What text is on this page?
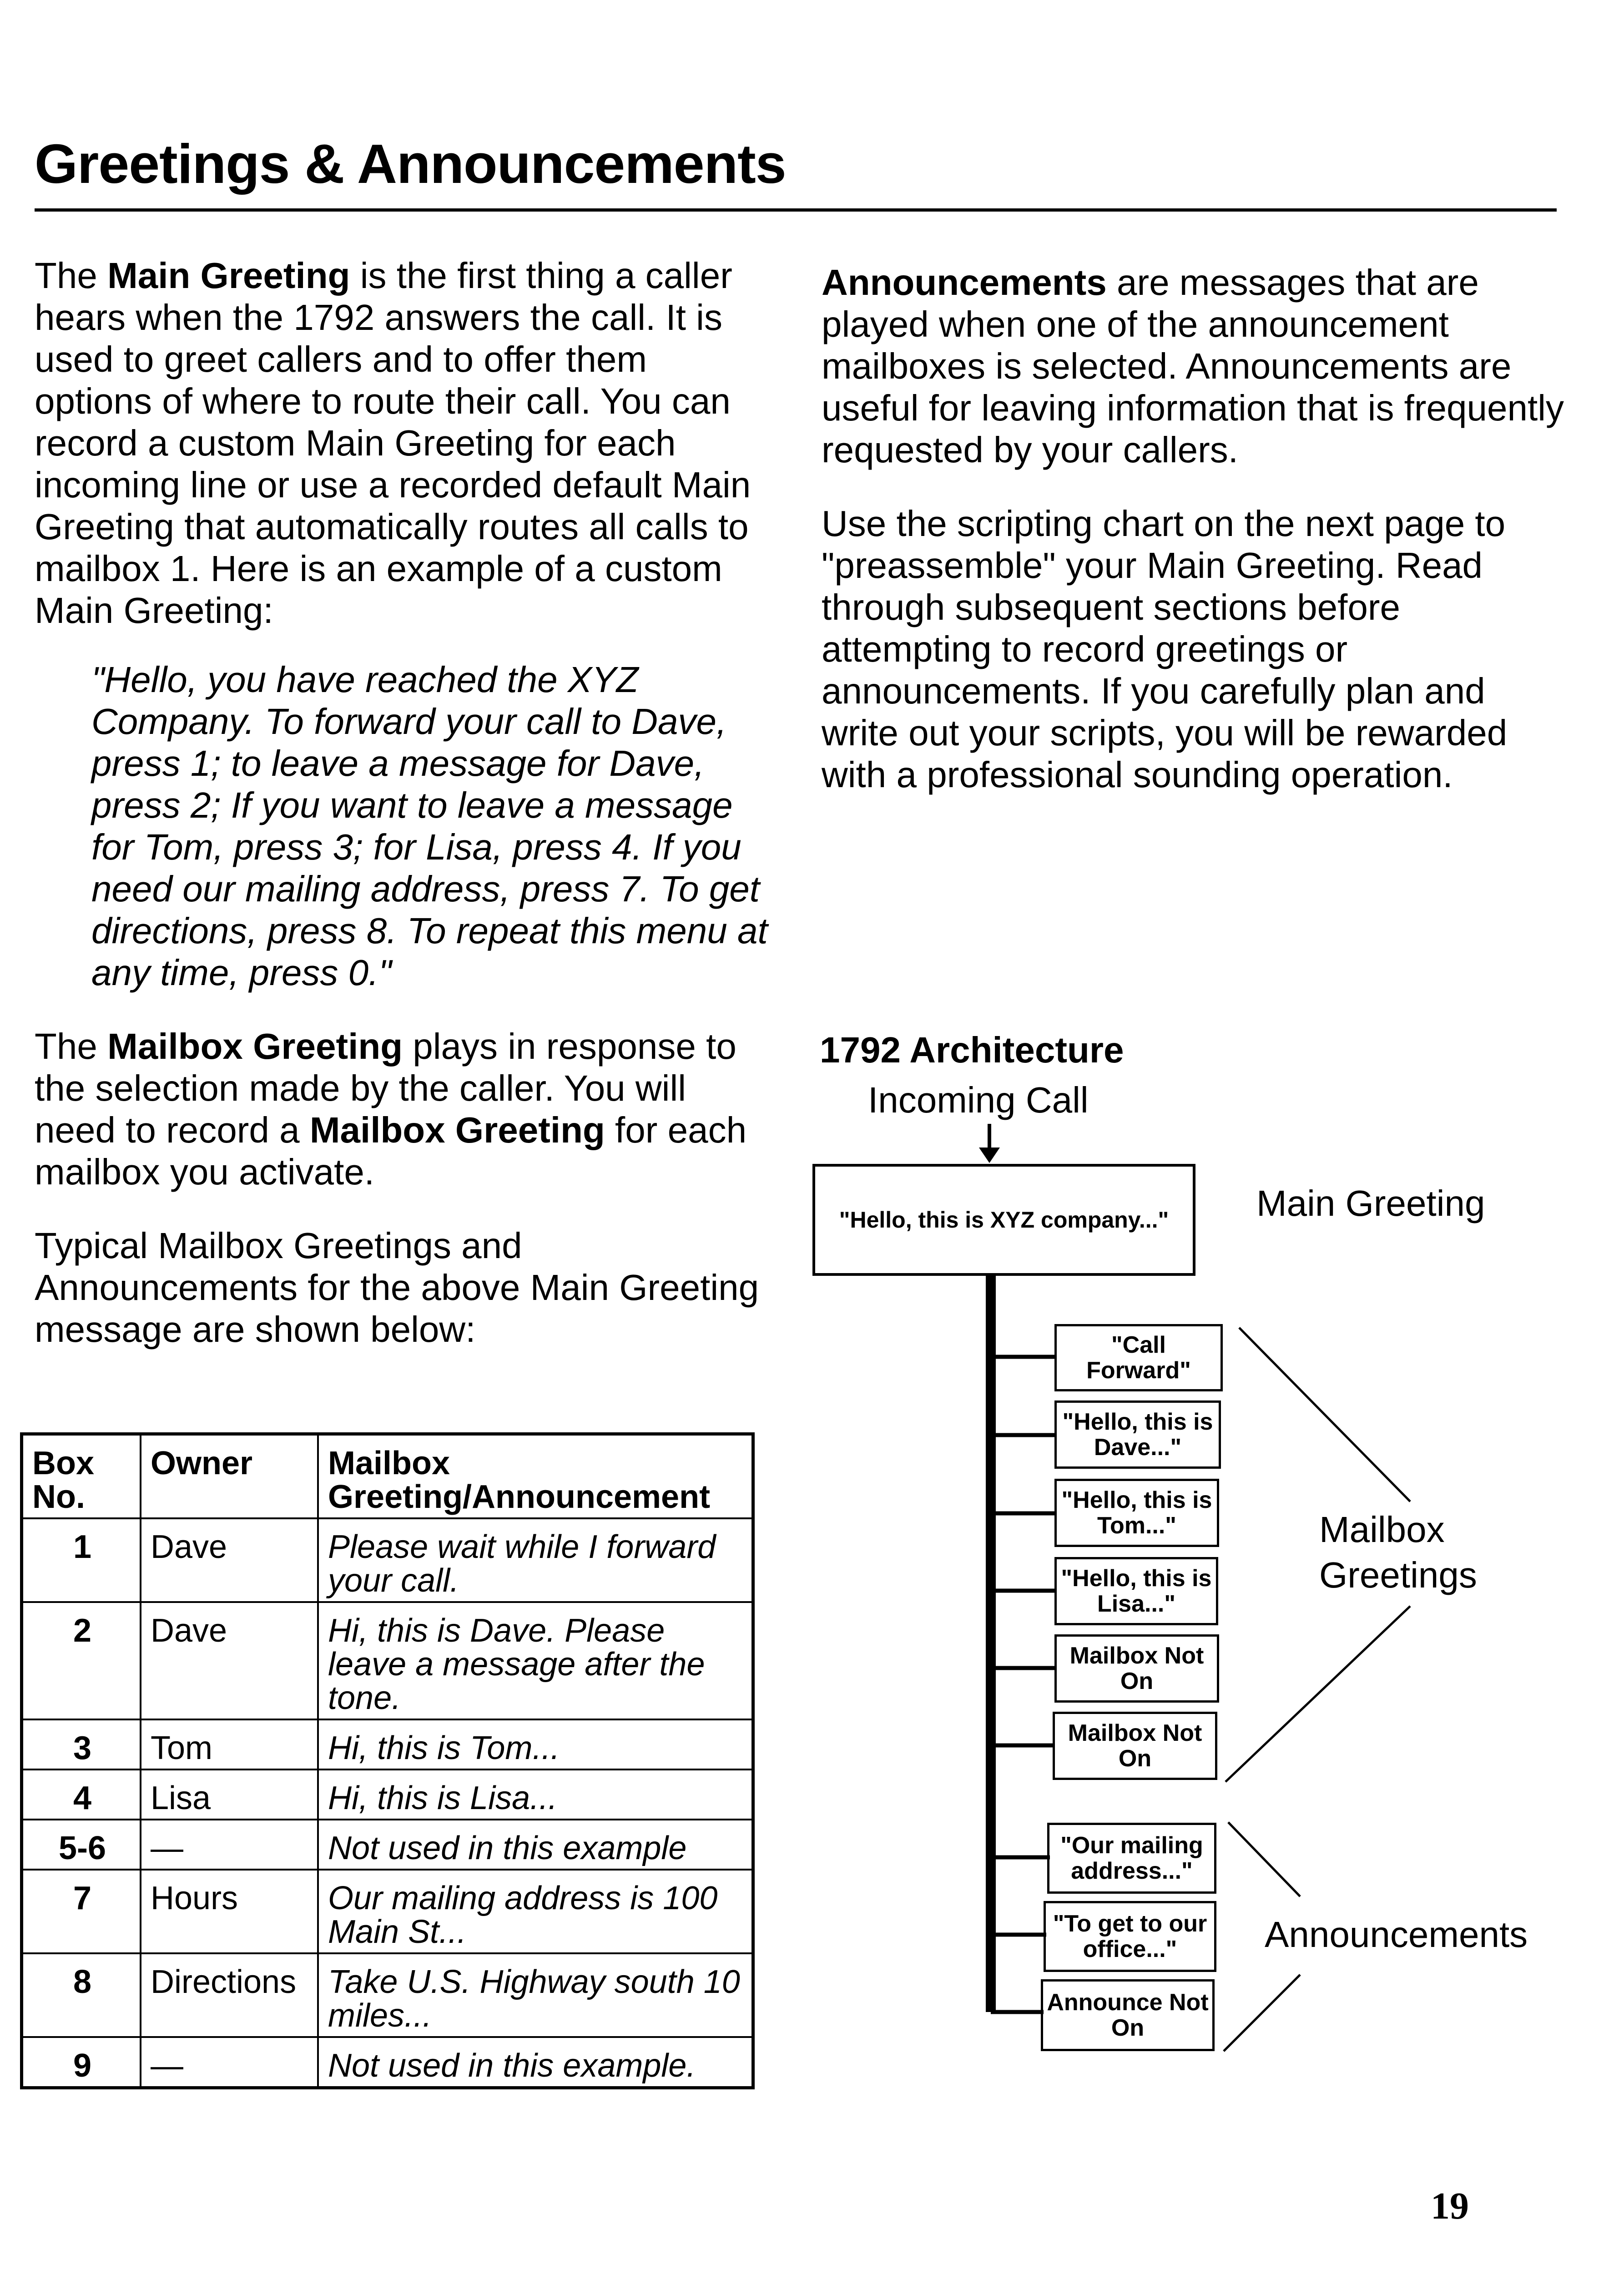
Greetings & Announcements

The Main Greeting is the first thing a caller hears when the 1792 answers the call. It is used to greet callers and to offer them options of where to route their call. You can record a custom Main Greeting for each incoming line or use a recorded default Main Greeting that automatically routes all calls to mailbox 1. Here is an example of a custom Main Greeting:

"Hello, you have reached the XYZ Company. To forward your call to Dave, press 1; to leave a message for Dave, press 2; If you want to leave a message for Tom, press 3; for Lisa, press 4. If you need our mailing address, press 7. To get directions, press 8. To repeat this menu at any time, press 0."

The Mailbox Greeting plays in response to the selection made by the caller. You will need to record a Mailbox Greeting for each mailbox you activate.

Typical Mailbox Greetings and Announcements for the above Main Greeting message are shown below:

Box No.	Owner	Mailbox Greeting/Announcement
1	Dave	Please wait while I forward your call.
2	Dave	Hi, this is Dave. Please leave a message after the tone.
3	Tom	Hi, this is Tom...
4	Lisa	Hi, this is Lisa...
5-6	—	Not used in this example
7	Hours	Our mailing address is 100 Main St...
8	Directions	Take U.S. Highway south 10 miles...
9	—	Not used in this example.

Announcements are messages that are played when one of the announcement mailboxes is selected. Announcements are useful for leaving information that is frequently requested by your callers.

Use the scripting chart on the next page to "preassemble" your Main Greeting. Read through subsequent sections before attempting to record greetings or announcements. If you carefully plan and write out your scripts, you will be rewarded with a professional sounding operation.

1792 Architecture
Incoming Call
"Hello, this is XYZ company..."	Main Greeting
Mailbox Greetings
Announcements
"Call Forward"
"Hello, this is Dave..."
"Hello, this is Tom..."
"Hello, this is Lisa..."
Mailbox Not On
Mailbox Not On
"Our mailing address..."
"To get to our office..."
Announce Not On
19
